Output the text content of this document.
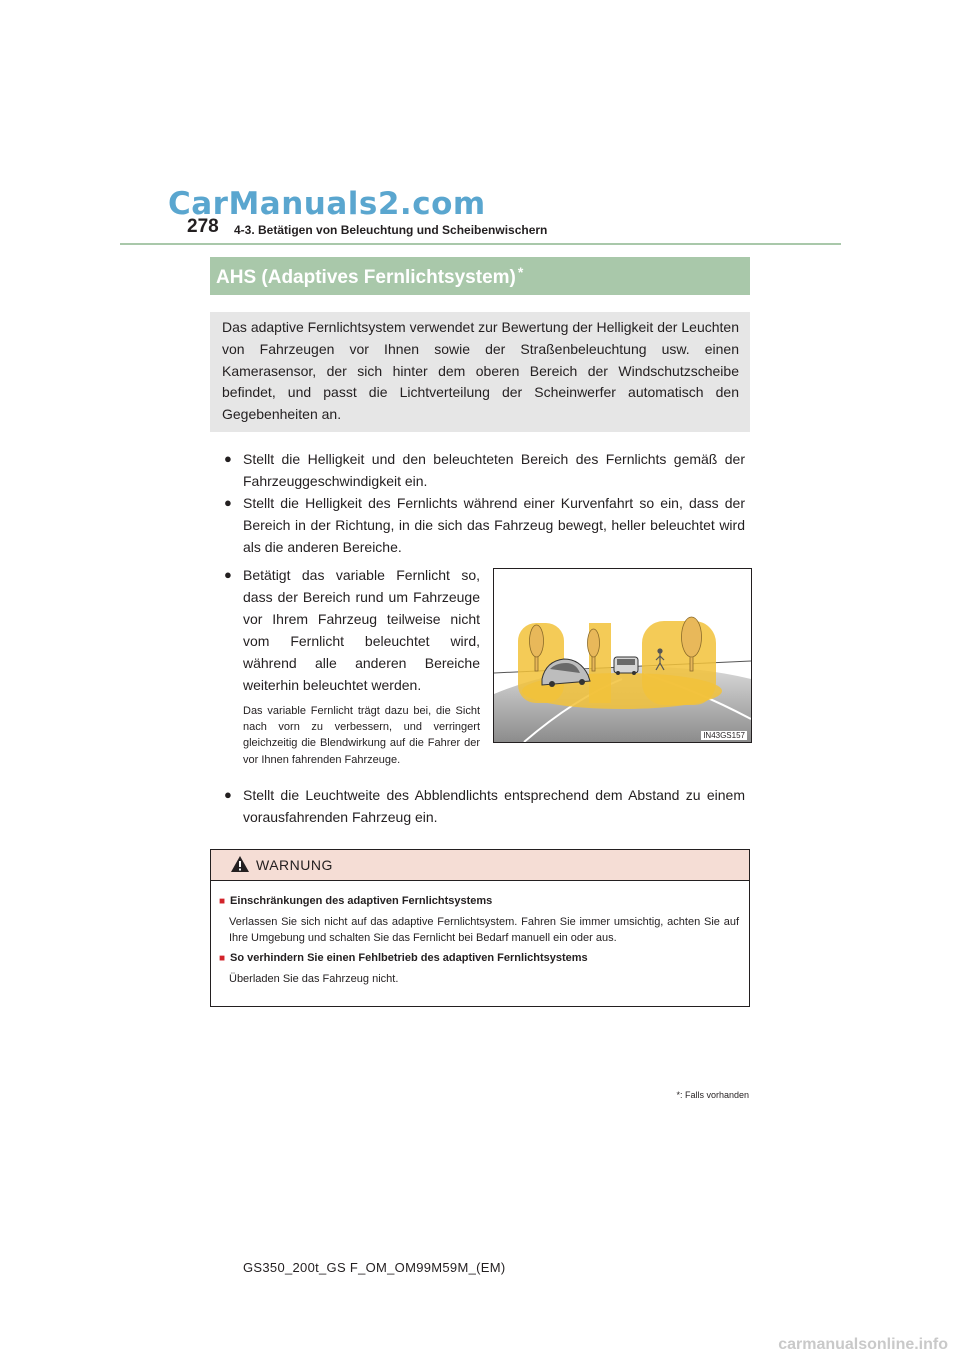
CarManuals2.com
278 4-3. Betätigen von Beleuchtung und Scheibenwischern
AHS (Adaptives Fernlichtsystem) *
Das adaptive Fernlichtsystem verwendet zur Bewertung der Helligkeit der Leuchten von Fahrzeugen vor Ihnen sowie der Straßenbeleuchtung usw. einen Kamerasensor, der sich hinter dem oberen Bereich der Windschutzscheibe befindet, und passt die Lichtverteilung der Scheinwerfer automatisch den Gegebenheiten an.
● Stellt die Helligkeit und den beleuchteten Bereich des Fernlichts gemäß der Fahrzeuggeschwindigkeit ein.
● Stellt die Helligkeit des Fernlichts während einer Kurvenfahrt so ein, dass der Bereich in der Richtung, in die sich das Fahrzeug bewegt, heller beleuchtet wird als die anderen Bereiche.
● Betätigt das variable Fernlicht so, dass der Bereich rund um Fahrzeuge vor Ihrem Fahrzeug teilweise nicht vom Fernlicht beleuchtet wird, während alle anderen Bereiche weiterhin beleuchtet werden.
Das variable Fernlicht trägt dazu bei, die Sicht nach vorn zu verbessern, und verringert gleichzeitig die Blendwirkung auf die Fahrer der vor Ihnen fahrenden Fahrzeuge.
IN43GS157
● Stellt die Leuchtweite des Abblendlichts entsprechend dem Abstand zu einem vorausfahrenden Fahrzeug ein.
WARNUNG
■ Einschränkungen des adaptiven Fernlichtsystems
Verlassen Sie sich nicht auf das adaptive Fernlichtsystem. Fahren Sie immer umsichtig, achten Sie auf Ihre Umgebung und schalten Sie das Fernlicht bei Bedarf manuell ein oder aus.
■ So verhindern Sie einen Fehlbetrieb des adaptiven Fernlichtsystems
Überladen Sie das Fahrzeug nicht.
*: Falls vorhanden
GS350_200t_GS F_OM_OM99M59M_(EM)
carmanualsonline.info
